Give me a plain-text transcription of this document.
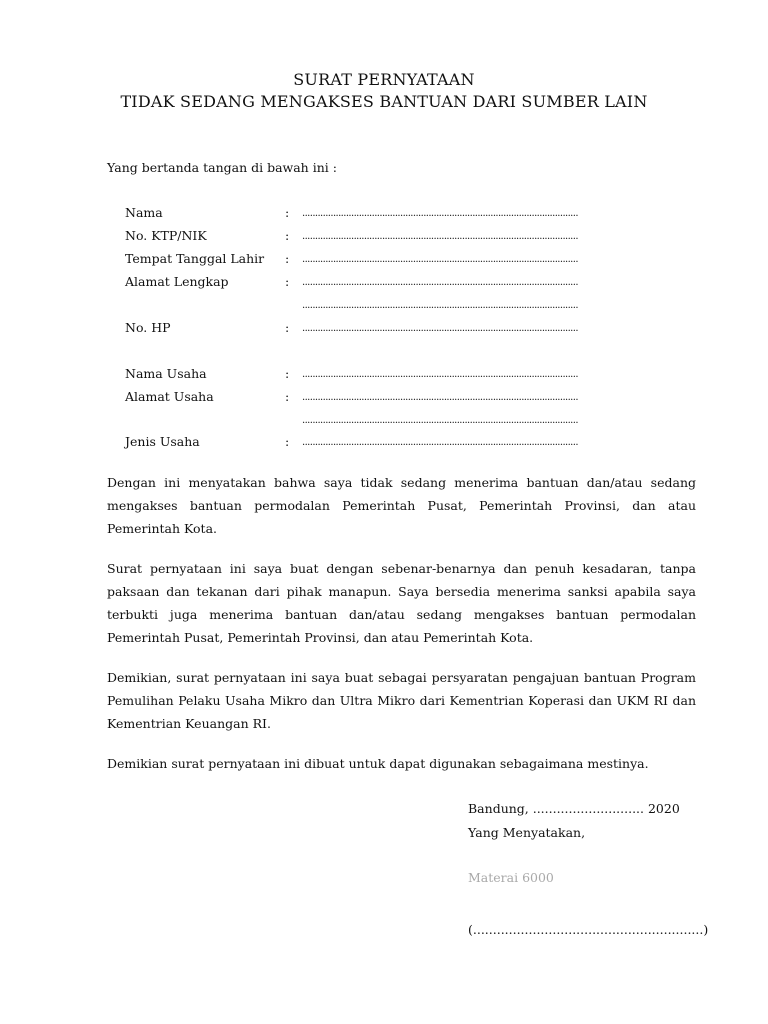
SURAT PERNYATAAN
TIDAK SEDANG MENGAKSES BANTUAN DARI SUMBER LAIN
Yang bertanda tangan di bawah ini :
Nama	: ...........................................................................................................
No. KTP/NIK	: ...........................................................................................................
Tempat Tanggal Lahir : ...........................................................................................................
Alamat Lengkap	: ...........................................................................................................
...........................................................................................................
No. HP	: ...........................................................................................................
Nama Usaha	: ...........................................................................................................
Alamat Usaha	: ...........................................................................................................
...........................................................................................................
Jenis Usaha	: ...........................................................................................................
Dengan ini menyatakan bahwa saya tidak sedang menerima bantuan dan/atau sedang mengakses bantuan permodalan Pemerintah Pusat, Pemerintah Provinsi, dan atau Pemerintah Kota.
Surat pernyataan ini saya buat dengan sebenar-benarnya dan penuh kesadaran, tanpa paksaan dan tekanan dari pihak manapun. Saya bersedia menerima sanksi apabila saya terbukti juga menerima bantuan dan/atau sedang mengakses bantuan permodalan Pemerintah Pusat, Pemerintah Provinsi, dan atau Pemerintah Kota.
Demikian, surat pernyataan ini saya buat sebagai persyaratan pengajuan bantuan Program Pemulihan Pelaku Usaha Mikro dan Ultra Mikro dari Kementrian Koperasi dan UKM RI dan Kementrian Keuangan RI.
Demikian surat pernyataan ini dibuat untuk dapat digunakan sebagaimana mestinya.
Bandung, ............................ 2020
Yang Menyatakan,
Materai 6000
(..........................................................)
